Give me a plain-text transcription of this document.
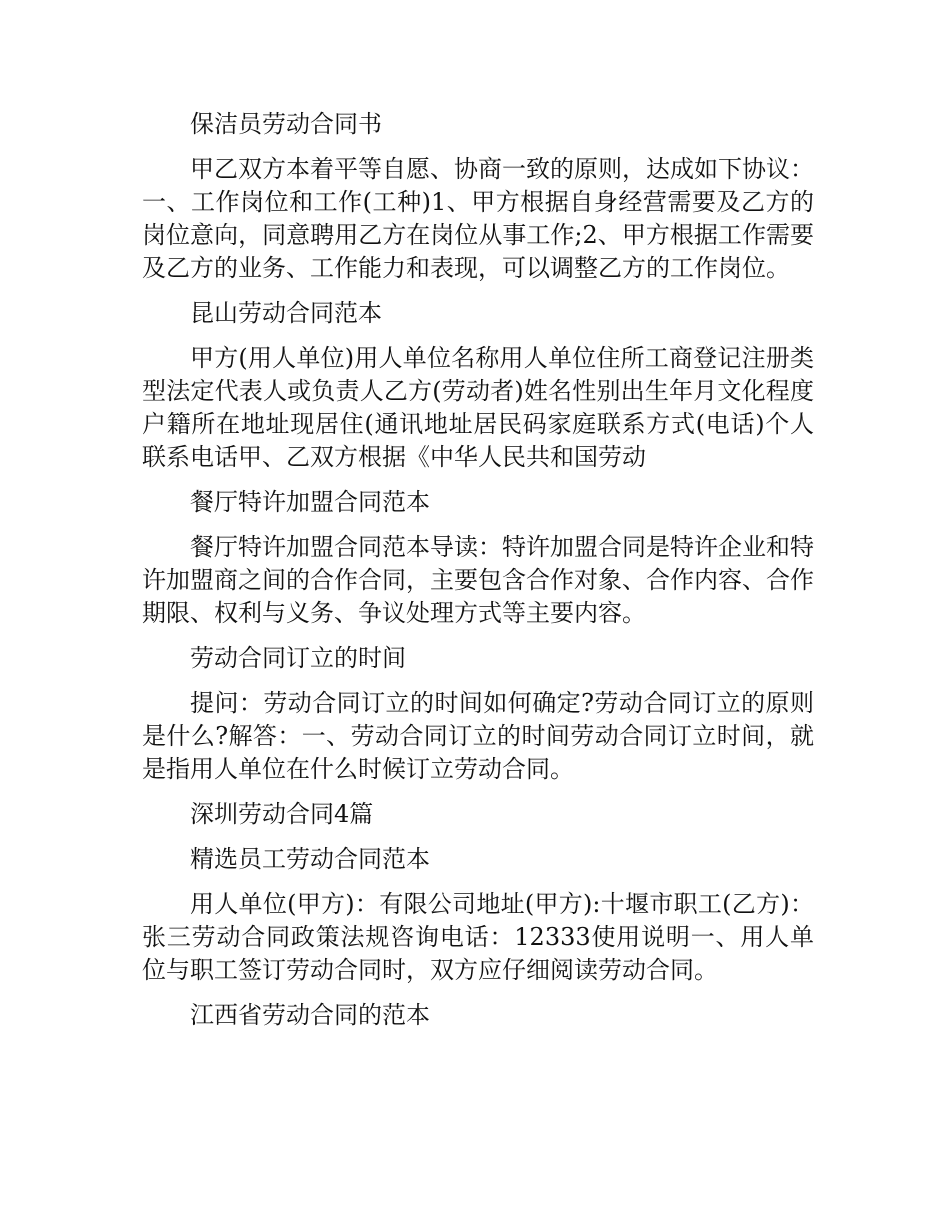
保洁员劳动合同书

甲乙双方本着平等自愿、协商一致的原则，达成如下协议：一、工作岗位和工作(工种)1、甲方根据自身经营需要及乙方的岗位意向，同意聘用乙方在岗位从事工作;2、甲方根据工作需要及乙方的业务、工作能力和表现，可以调整乙方的工作岗位。

昆山劳动合同范本

甲方(用人单位)用人单位名称用人单位住所工商登记注册类型法定代表人或负责人乙方(劳动者)姓名性别出生年月文化程度户籍所在地址现居住(通讯地址居民码家庭联系方式(电话)个人联系电话甲、乙双方根据《中华人民共和国劳动

餐厅特许加盟合同范本

餐厅特许加盟合同范本导读：特许加盟合同是特许企业和特许加盟商之间的合作合同，主要包含合作对象、合作内容、合作期限、权利与义务、争议处理方式等主要内容。

劳动合同订立的时间

提问：劳动合同订立的时间如何确定?劳动合同订立的原则是什么?解答：一、劳动合同订立的时间劳动合同订立时间，就是指用人单位在什么时候订立劳动合同。

深圳劳动合同4篇

精选员工劳动合同范本

用人单位(甲方)：有限公司地址(甲方):十堰市职工(乙方)：张三劳动合同政策法规咨询电话：12333使用说明一、用人单位与职工签订劳动合同时，双方应仔细阅读劳动合同。

江西省劳动合同的范本
